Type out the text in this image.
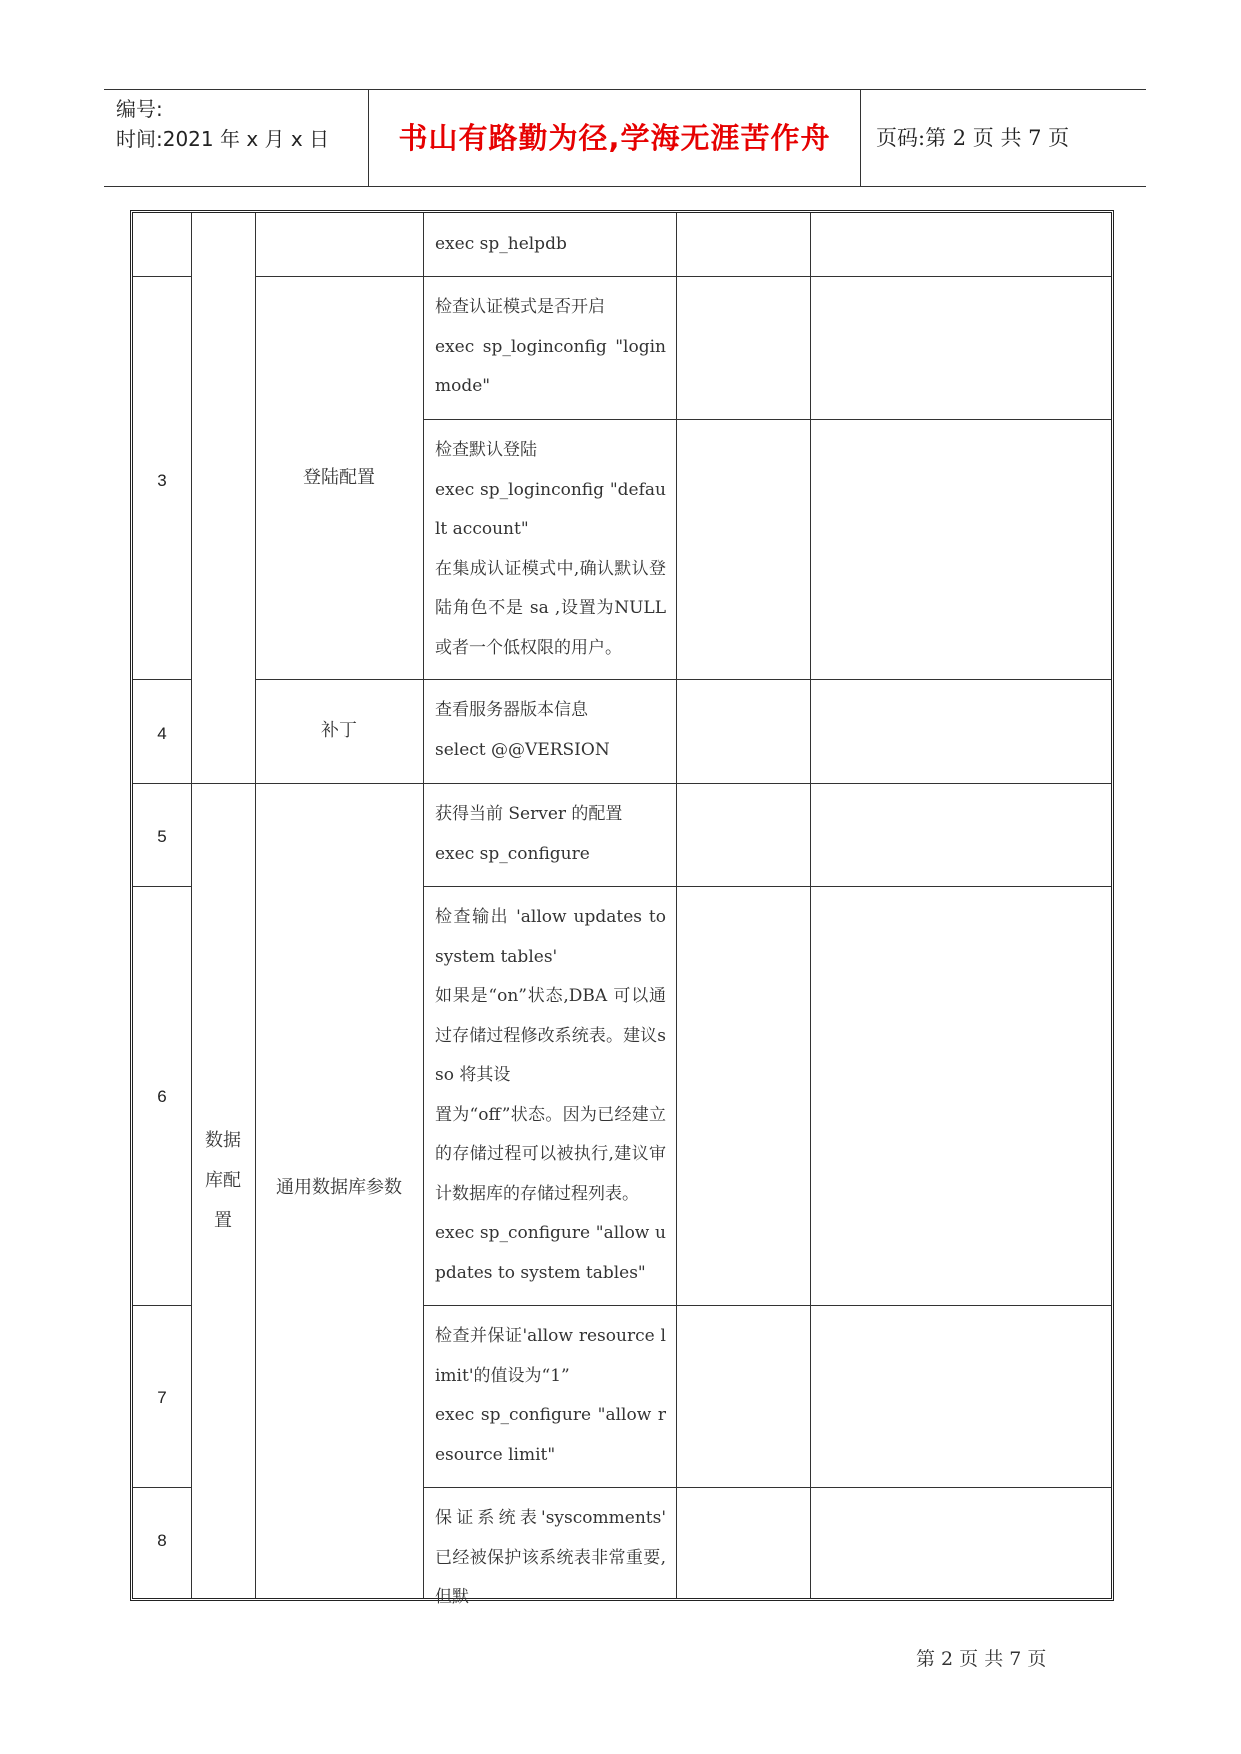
编号:
时间:2021 年 x 月 x 日	书山有路勤为径,学海无涯苦作舟	页码:第 2 页 共 7 页
3
4
5
6
7
8
数据库配置
登陆配置
补丁
通用数据库参数
exec sp_helpdb
检查认证模式是否开启
exec sp_loginconfig "login mode"
检查默认登陆
exec sp_loginconfig "default account"
在集成认证模式中,确认默认登陆角色不是 sa ,设置为NULL 或者一个低权限的用户。
查看服务器版本信息
select @@VERSION
获得当前 Server 的配置
exec sp_configure
检查输出 'allow updates to system tables'
如果是“on”状态,DBA 可以通过存储过程修改系统表。建议sso 将其设
置为“off”状态。因为已经建立的存储过程可以被执行,建议审计数据库的存储过程列表。
exec sp_configure "allow updates to system tables"
检查并保证'allow resource limit'的值设为“1”
exec sp_configure "allow resource limit"
保证系统表'syscomments' 已经被保护该系统表非常重要,但默
第 2 页 共 7 页
